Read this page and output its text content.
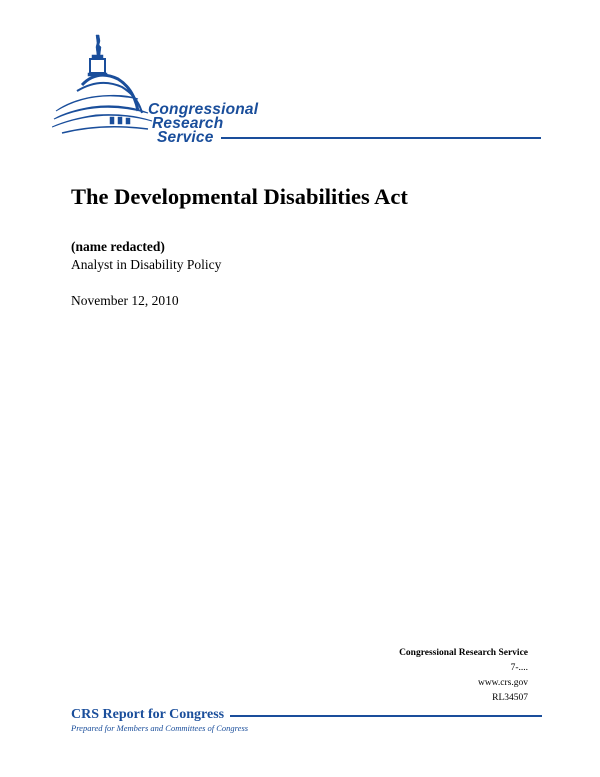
Congressional
Research
Service
The Developmental Disabilities Act
(name redacted)
Analyst in Disability Policy
November 12, 2010
Congressional Research Service
7-....
www.crs.gov
RL34507
CRS Report for Congress
Prepared for Members and Committees of Congress
